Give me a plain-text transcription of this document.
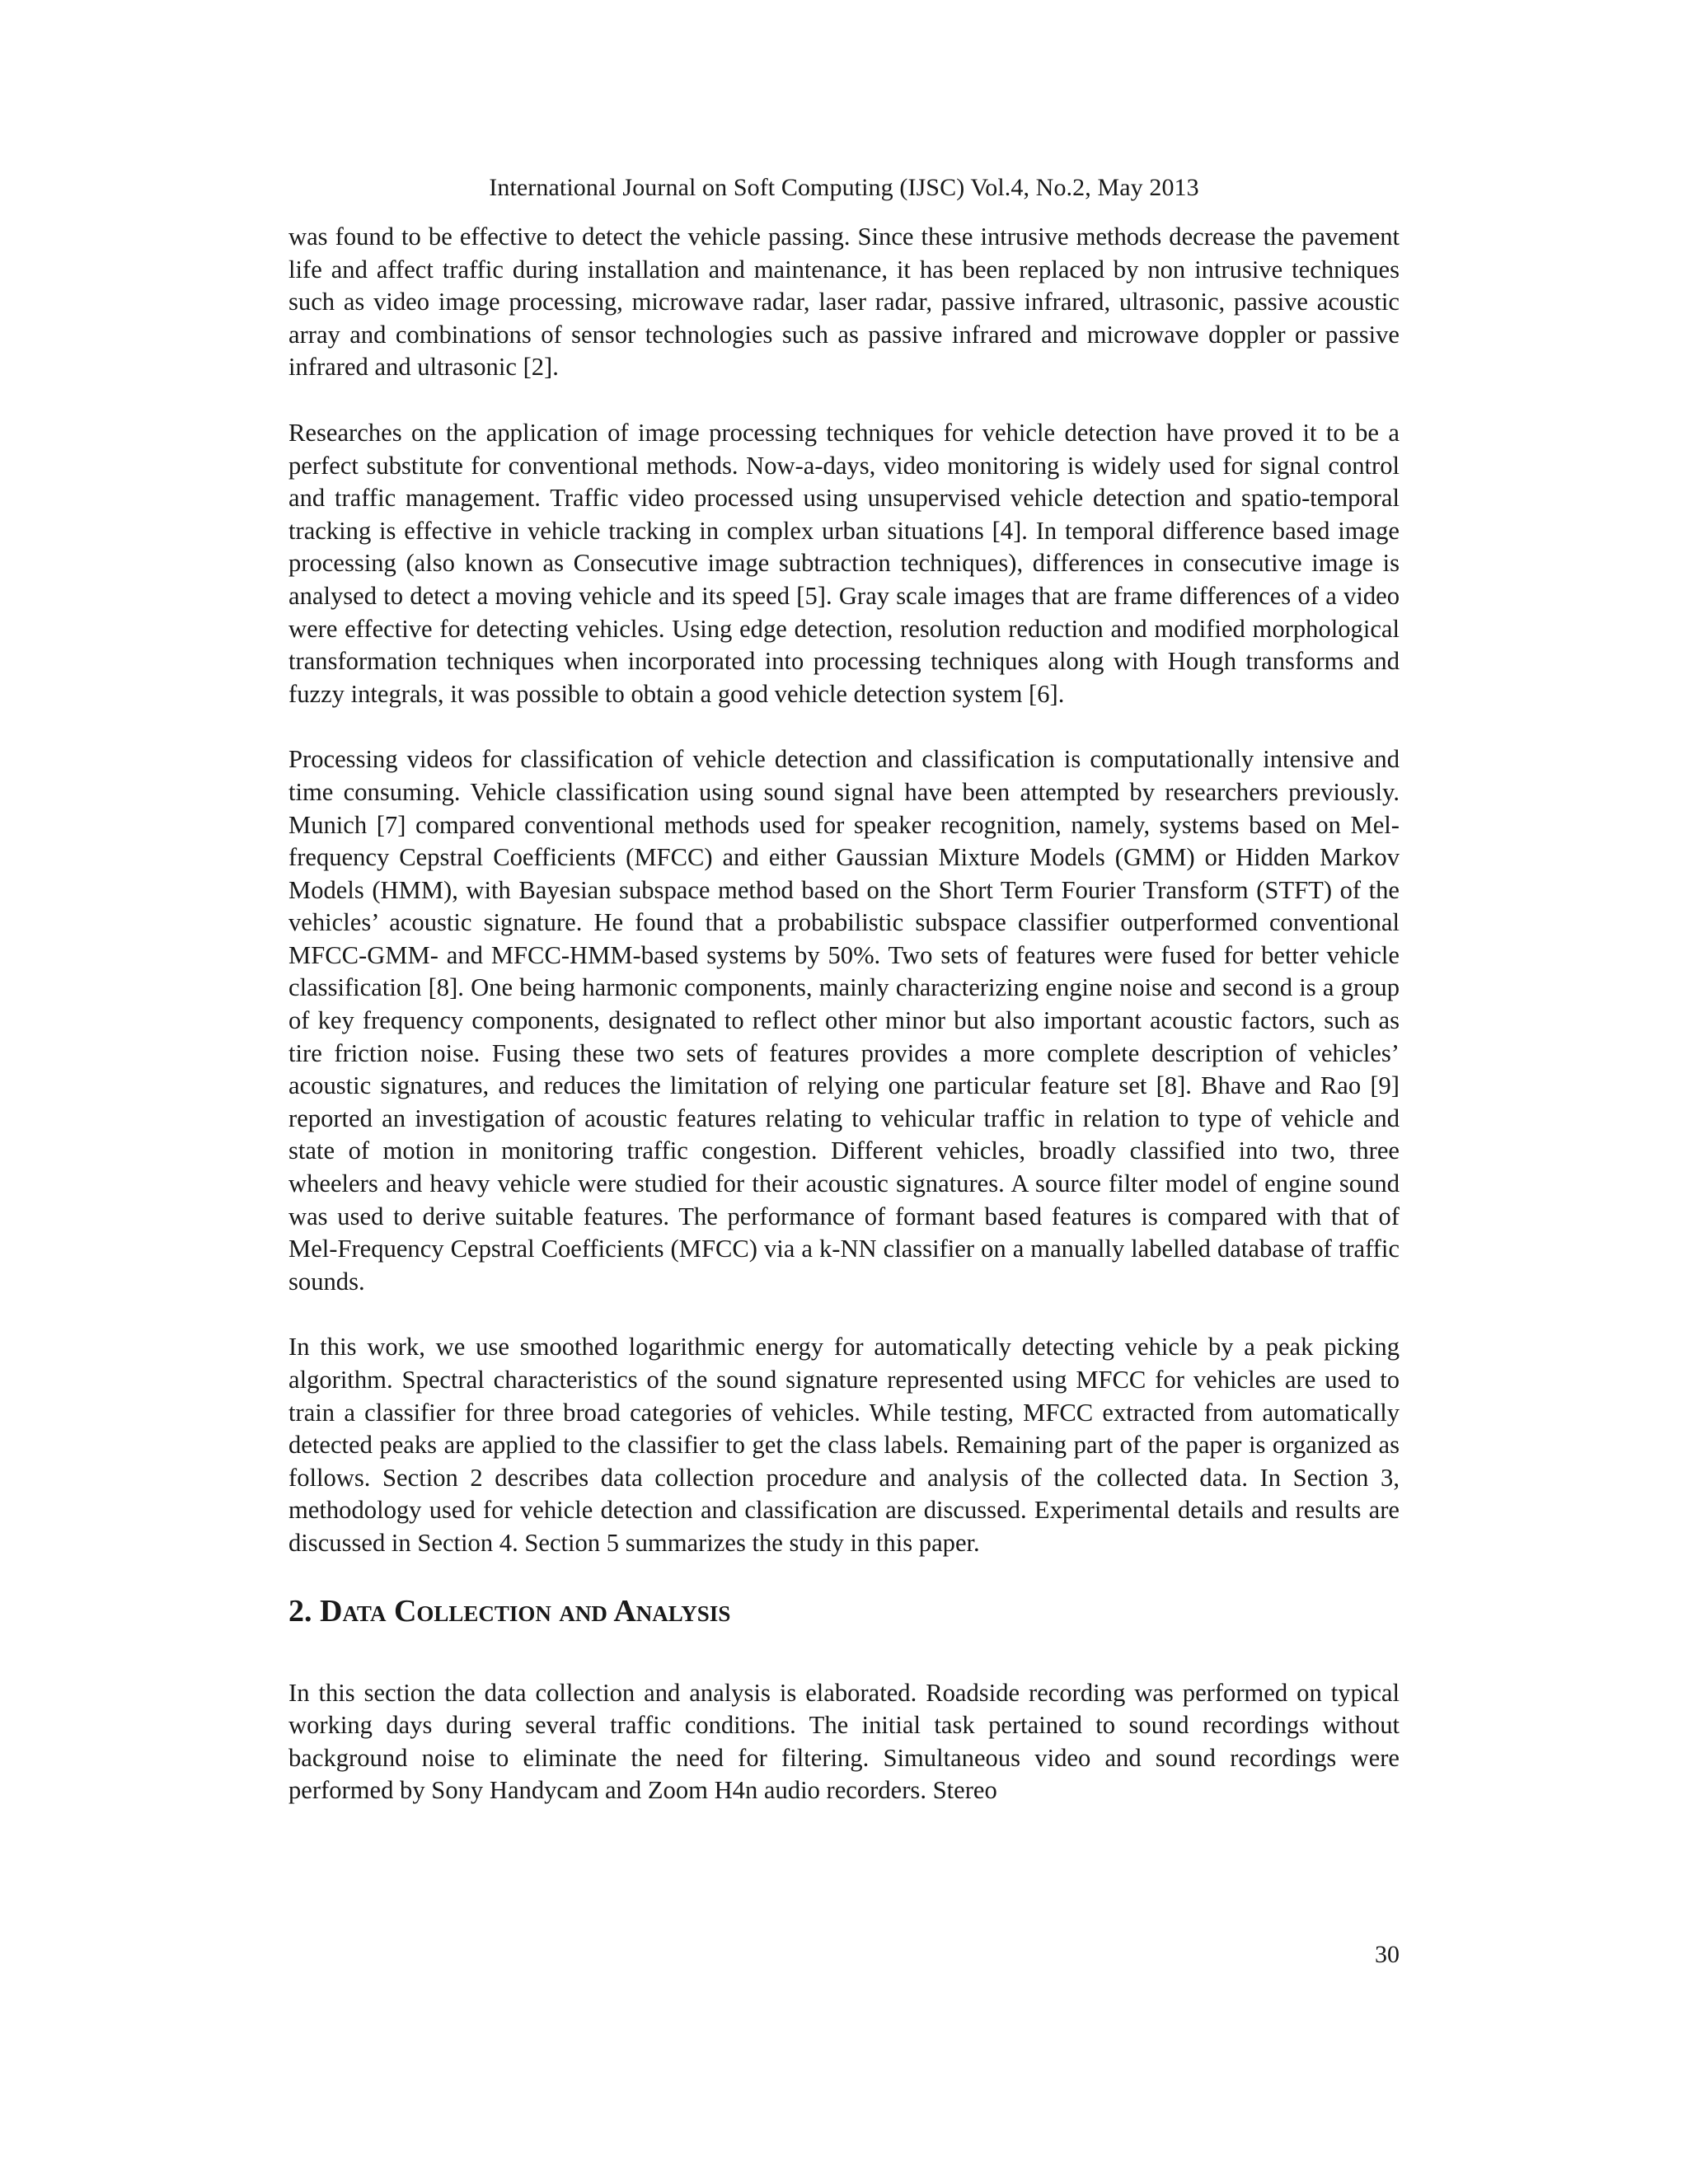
International Journal on Soft Computing (IJSC) Vol.4, No.2, May 2013

was found to be effective to detect the vehicle passing. Since these intrusive methods decrease the pavement life and affect traffic during installation and maintenance, it has been replaced by non intrusive techniques such as video image processing, microwave radar, laser radar, passive infrared, ultrasonic, passive acoustic array and combinations of sensor technologies such as passive infrared and microwave doppler or passive infrared and ultrasonic [2].

Researches on the application of image processing techniques for vehicle detection have proved it to be a perfect substitute for conventional methods. Now-a-days, video monitoring is widely used for signal control and traffic management. Traffic video processed using unsupervised vehicle detection and spatio-temporal tracking is effective in vehicle tracking in complex urban situations [4]. In temporal difference based image processing (also known as Consecutive image subtraction techniques), differences in consecutive image is analysed to detect a moving vehicle and its speed [5]. Gray scale images that are frame differences of a video were effective for detecting vehicles. Using edge detection, resolution reduction and modified morphological transformation techniques when incorporated into processing techniques along with Hough transforms and fuzzy integrals, it was possible to obtain a good vehicle detection system [6].

Processing videos for classification of vehicle detection and classification is computationally intensive and time consuming. Vehicle classification using sound signal have been attempted by researchers previously. Munich [7] compared conventional methods used for speaker recognition, namely, systems based on Mel-frequency Cepstral Coefficients (MFCC) and either Gaussian Mixture Models (GMM) or Hidden Markov Models (HMM), with Bayesian subspace method based on the Short Term Fourier Transform (STFT) of the vehicles’ acoustic signature. He found that a probabilistic subspace classifier outperformed conventional MFCC-GMM- and MFCC-HMM-based systems by 50%. Two sets of features were fused for better vehicle classification [8]. One being harmonic components, mainly characterizing engine noise and second is a group of key frequency components, designated to reflect other minor but also important acoustic factors, such as tire friction noise. Fusing these two sets of features provides a more complete description of vehicles’ acoustic signatures, and reduces the limitation of relying one particular feature set [8]. Bhave and Rao [9] reported an investigation of acoustic features relating to vehicular traffic in relation to type of vehicle and state of motion in monitoring traffic congestion. Different vehicles, broadly classified into two, three wheelers and heavy vehicle were studied for their acoustic signatures. A source filter model of engine sound was used to derive suitable features. The performance of formant based features is compared with that of Mel-Frequency Cepstral Coefficients (MFCC) via a k-NN classifier on a manually labelled database of traffic sounds.

In this work, we use smoothed logarithmic energy for automatically detecting vehicle by a peak picking algorithm. Spectral characteristics of the sound signature represented using MFCC for vehicles are used to train a classifier for three broad categories of vehicles. While testing, MFCC extracted from automatically detected peaks are applied to the classifier to get the class labels. Remaining part of the paper is organized as follows. Section 2 describes data collection procedure and analysis of the collected data. In Section 3, methodology used for vehicle detection and classification are discussed. Experimental details and results are discussed in Section 4. Section 5 summarizes the study in this paper.

2. Data Collection and Analysis

In this section the data collection and analysis is elaborated. Roadside recording was performed on typical working days during several traffic conditions. The initial task pertained to sound recordings without background noise to eliminate the need for filtering. Simultaneous video and sound recordings were performed by Sony Handycam and Zoom H4n audio recorders. Stereo

30
